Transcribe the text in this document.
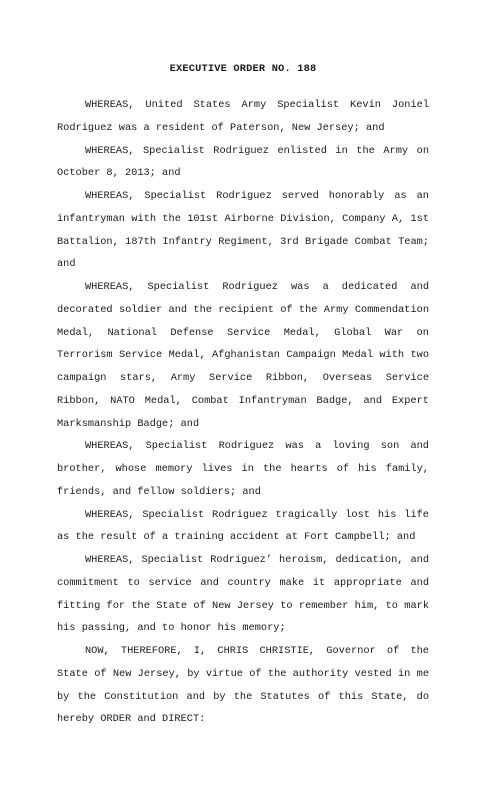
EXECUTIVE ORDER NO. 188

WHEREAS, United States Army Specialist Kevin Joniel Rodriguez was a resident of Paterson, New Jersey; and

WHEREAS, Specialist Rodriguez enlisted in the Army on October 8, 2013; and

WHEREAS, Specialist Rodriguez served honorably as an infantryman with the 101st Airborne Division, Company A, 1st Battalion, 187th Infantry Regiment, 3rd Brigade Combat Team; and

WHEREAS, Specialist Rodriguez was a dedicated and decorated soldier and the recipient of the Army Commendation Medal, National Defense Service Medal, Global War on Terrorism Service Medal, Afghanistan Campaign Medal with two campaign stars, Army Service Ribbon, Overseas Service Ribbon, NATO Medal, Combat Infantryman Badge, and Expert Marksmanship Badge; and

WHEREAS, Specialist Rodriguez was a loving son and brother, whose memory lives in the hearts of his family, friends, and fellow soldiers; and

WHEREAS, Specialist Rodriguez tragically lost his life as the result of a training accident at Fort Campbell; and

WHEREAS, Specialist Rodriguez’ heroism, dedication, and commitment to service and country make it appropriate and fitting for the State of New Jersey to remember him, to mark his passing, and to honor his memory;

NOW, THEREFORE, I, CHRIS CHRISTIE, Governor of the State of New Jersey, by virtue of the authority vested in me by the Constitution and by the Statutes of this State, do hereby ORDER and DIRECT:
